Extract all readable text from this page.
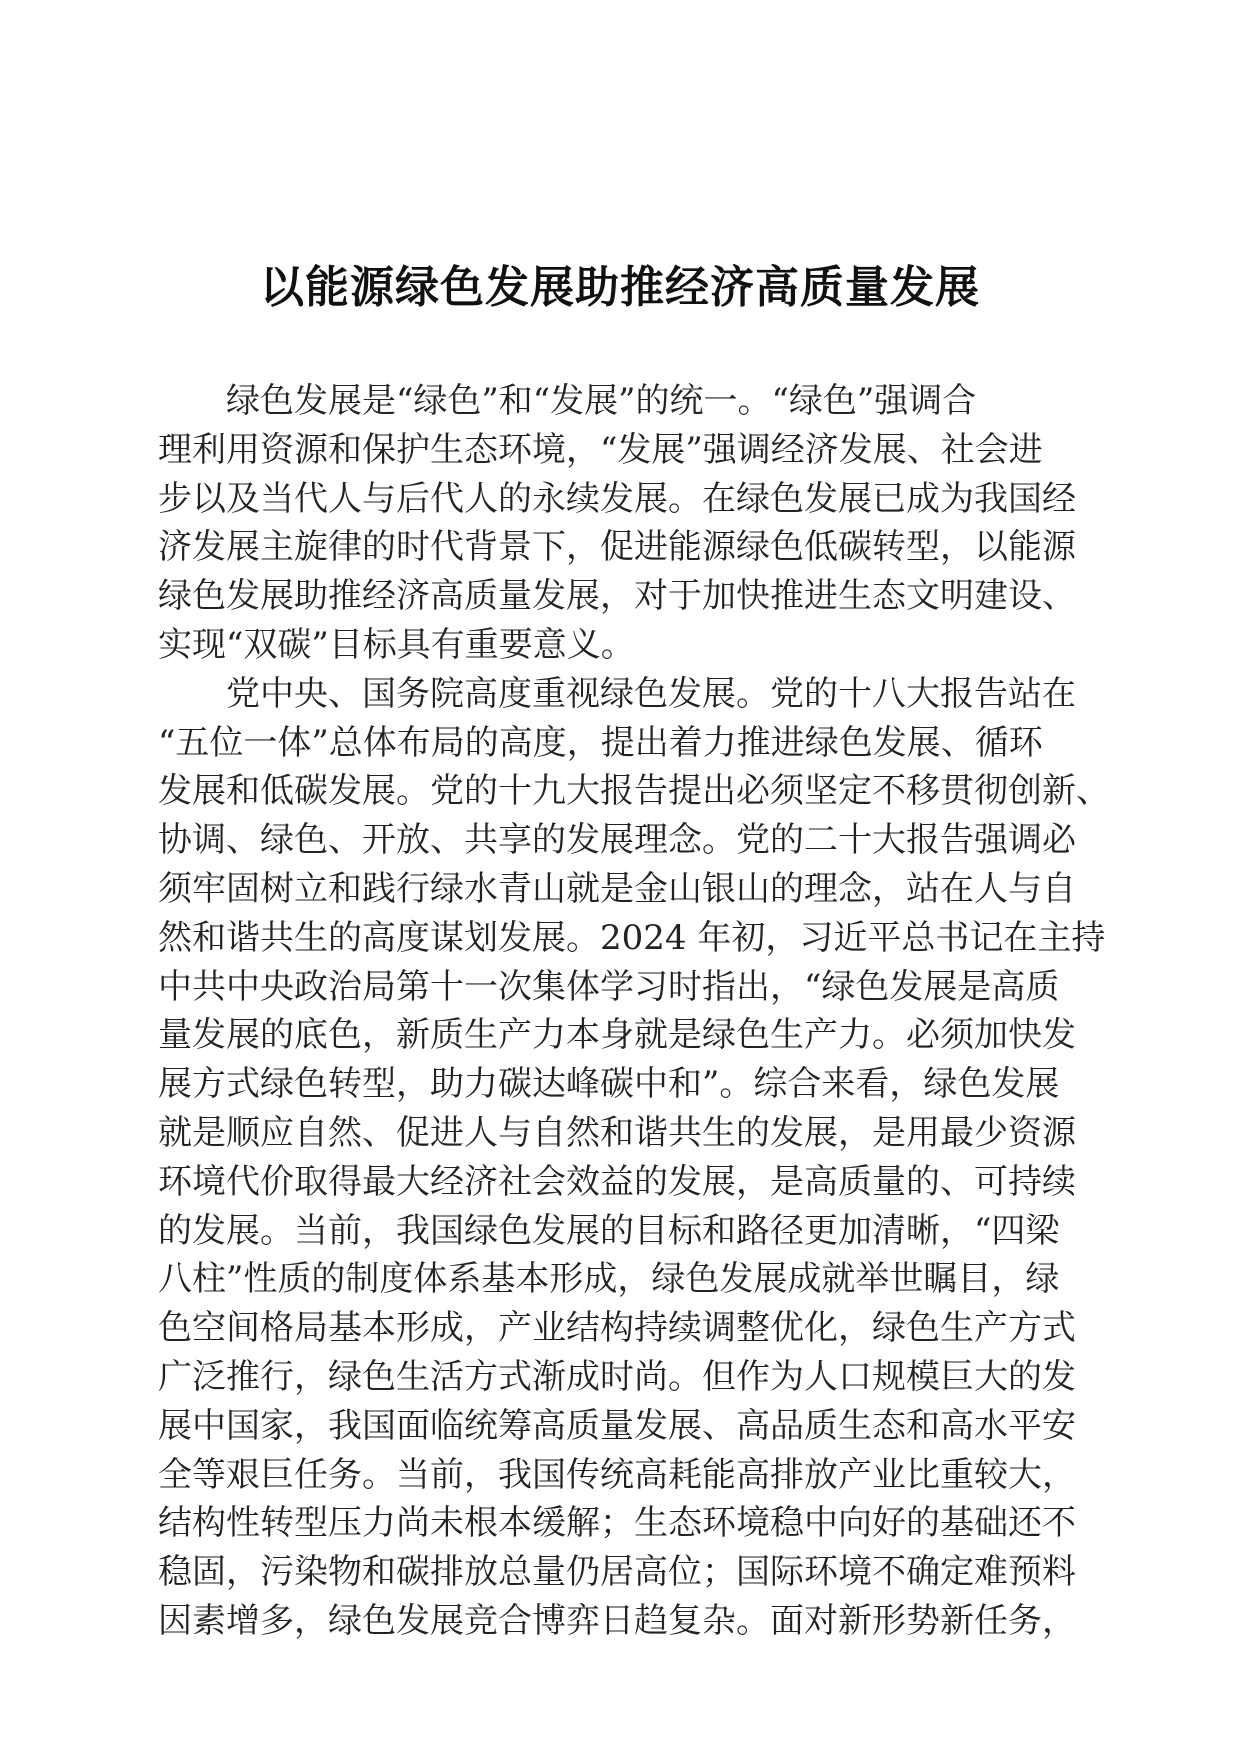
以能源绿色发展助推经济高质量发展
绿色发展是“绿色”和“发展”的统一。“绿色”强调合
理利用资源和保护生态环境，“发展”强调经济发展、社会进
步以及当代人与后代人的永续发展。在绿色发展已成为我国经
济发展主旋律的时代背景下，促进能源绿色低碳转型，以能源
绿色发展助推经济高质量发展，对于加快推进生态文明建设、
实现“双碳”目标具有重要意义。
党中央、国务院高度重视绿色发展。党的十八大报告站在
“五位一体”总体布局的高度，提出着力推进绿色发展、循环
发展和低碳发展。党的十九大报告提出必须坚定不移贯彻创新、
协调、绿色、开放、共享的发展理念。党的二十大报告强调必
须牢固树立和践行绿水青山就是金山银山的理念，站在人与自
然和谐共生的高度谋划发展。2024 年初，习近平总书记在主持
中共中央政治局第十一次集体学习时指出，“绿色发展是高质
量发展的底色，新质生产力本身就是绿色生产力。必须加快发
展方式绿色转型，助力碳达峰碳中和”。综合来看，绿色发展
就是顺应自然、促进人与自然和谐共生的发展，是用最少资源
环境代价取得最大经济社会效益的发展，是高质量的、可持续
的发展。当前，我国绿色发展的目标和路径更加清晰，“四梁
八柱”性质的制度体系基本形成，绿色发展成就举世瞩目，绿
色空间格局基本形成，产业结构持续调整优化，绿色生产方式
广泛推行，绿色生活方式渐成时尚。但作为人口规模巨大的发
展中国家，我国面临统筹高质量发展、高品质生态和高水平安
全等艰巨任务。当前，我国传统高耗能高排放产业比重较大，
结构性转型压力尚未根本缓解；生态环境稳中向好的基础还不
稳固，污染物和碳排放总量仍居高位；国际环境不确定难预料
因素增多，绿色发展竞合博弈日趋复杂。面对新形势新任务，
